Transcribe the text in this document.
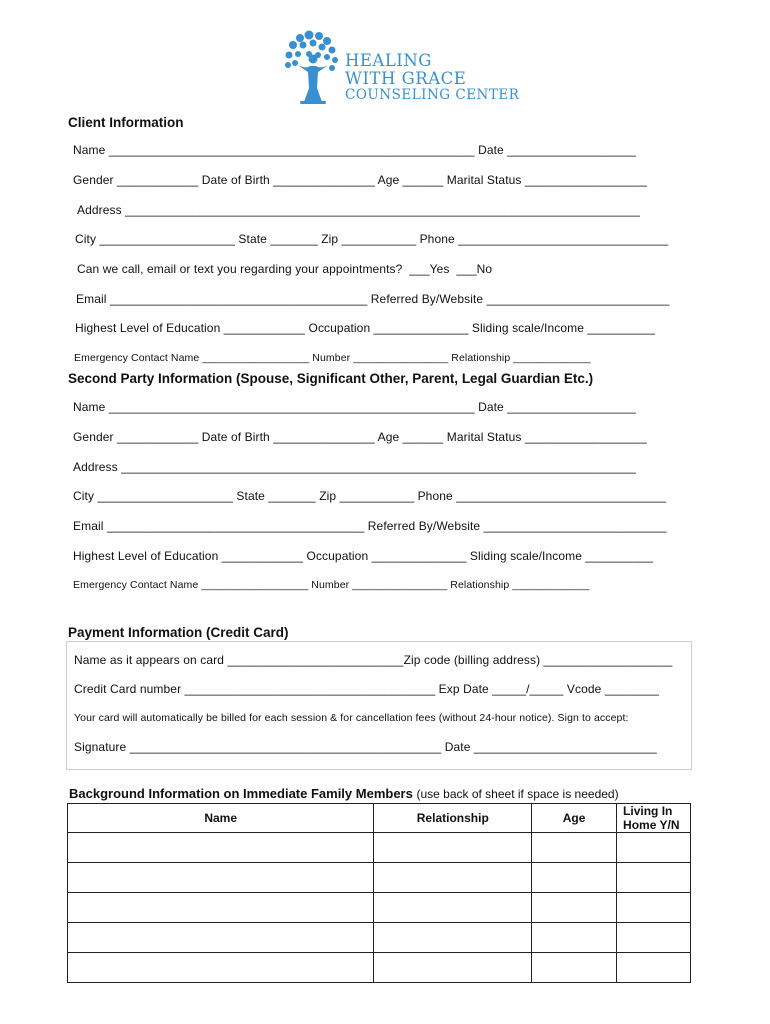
HEALING
WITH GRACE
COUNSELING CENTER
Client Information
Name ______________________________________________________ Date ___________________
Gender ____________ Date of Birth _______________ Age ______ Marital Status __________________
Address ____________________________________________________________________________
City ____________________ State _______ Zip ___________ Phone _______________________________
Can we call, email or text you regarding your appointments?  ___Yes  ___No
Email ______________________________________ Referred By/Website ___________________________
Highest Level of Education ____________ Occupation ______________ Sliding scale/Income __________
Emergency Contact Name __________________ Number ________________ Relationship _____________
Second Party Information (Spouse, Significant Other, Parent, Legal Guardian Etc.)
Name ______________________________________________________ Date ___________________
Gender ____________ Date of Birth _______________ Age ______ Marital Status __________________
Address ____________________________________________________________________________
City ____________________ State _______ Zip ___________ Phone _______________________________
Email ______________________________________ Referred By/Website ___________________________
Highest Level of Education ____________ Occupation ______________ Sliding scale/Income __________
Emergency Contact Name __________________ Number ________________ Relationship _____________
Payment Information (Credit Card)
Name as it appears on card __________________________Zip code (billing address) ___________________
Credit Card number _____________________________________ Exp Date _____/_____ Vcode ________
Your card will automatically be billed for each session & for cancellation fees (without 24-hour notice). Sign to accept:
Signature ______________________________________________ Date ___________________________
Background Information on Immediate Family Members (use back of sheet if space is needed)
Name	Relationship	Age	Living In Home Y/N
